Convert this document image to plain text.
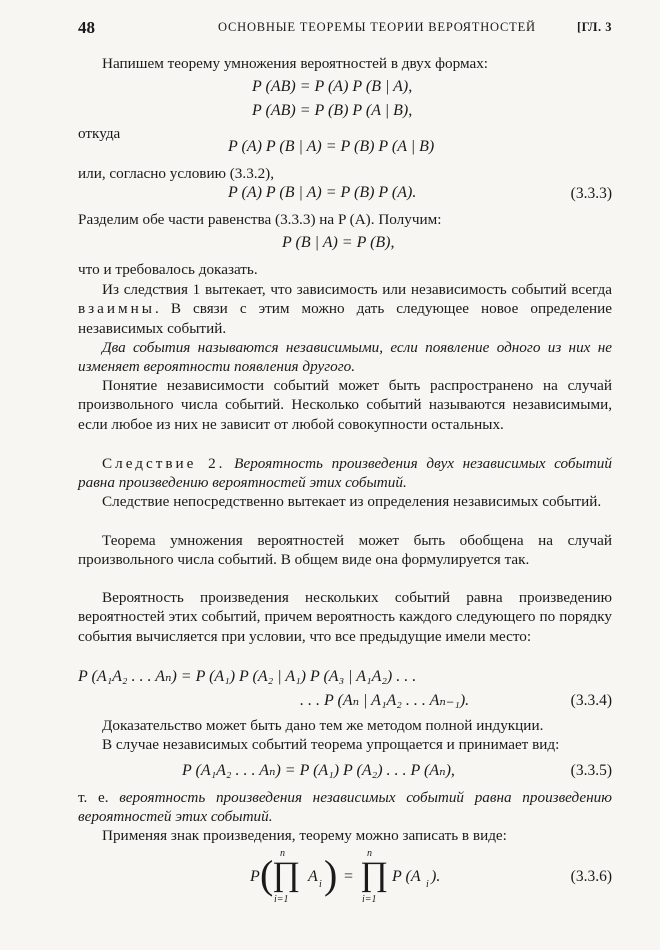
48	ОСНОВНЫЕ ТЕОРЕМЫ ТЕОРИИ ВЕРОЯТНОСТЕЙ	[ГЛ. 3
Напишем теорему умножения вероятностей в двух формах:
P (AB) = P (A) P (B | A),
P (AB) = P (B) P (A | B),
откуда
P (A) P (B | A) = P (B) P (A | B)
или, согласно условию (3.3.2),
P (A) P (B | A) = P (B) P (A).	(3.3.3)
Разделим обе части равенства (3.3.3) на P (A). Получим:
P (B | A) = P (B),
что и требовалось доказать.
Из следствия 1 вытекает, что зависимость или независимость событий всегда взаимны. В связи с этим можно дать следующее новое определение независимых событий.
Два события называются независимыми, если появление одного из них не изменяет вероятности появления другого.
Понятие независимости событий может быть распространено на случай произвольного числа событий. Несколько событий называются независимыми, если любое из них не зависит от любой совокупности остальных.
Следствие 2. Вероятность произведения двух независимых событий равна произведению вероятностей этих событий.
Следствие непосредственно вытекает из определения независимых событий.
Теорема умножения вероятностей может быть обобщена на случай произвольного числа событий. В общем виде она формулируется так.
Вероятность произведения нескольких событий равна произведению вероятностей этих событий, причем вероятность каждого следующего по порядку события вычисляется при условии, что все предыдущие имели место:
P (A₁A₂ . . . Aₙ) = P (A₁) P (A₂ | A₁) P (A₃ | A₁A₂) . . .
. . . P (Aₙ | A₁A₂ . . . Aₙ₋₁).	(3.3.4)
Доказательство может быть дано тем же методом полной индукции.
В случае независимых событий теорема упрощается и принимает вид:
P (A₁A₂ . . . Aₙ) = P (A₁) P (A₂) . . . P (Aₙ),	(3.3.5)
т. е. вероятность произведения независимых событий равна произведению вероятностей этих событий.
Применяя знак произведения, теорему можно записать в виде:
P ( n
∏
i=1
A i ) =
n
∏
i=1
P (A i ).	(3.3.6)
